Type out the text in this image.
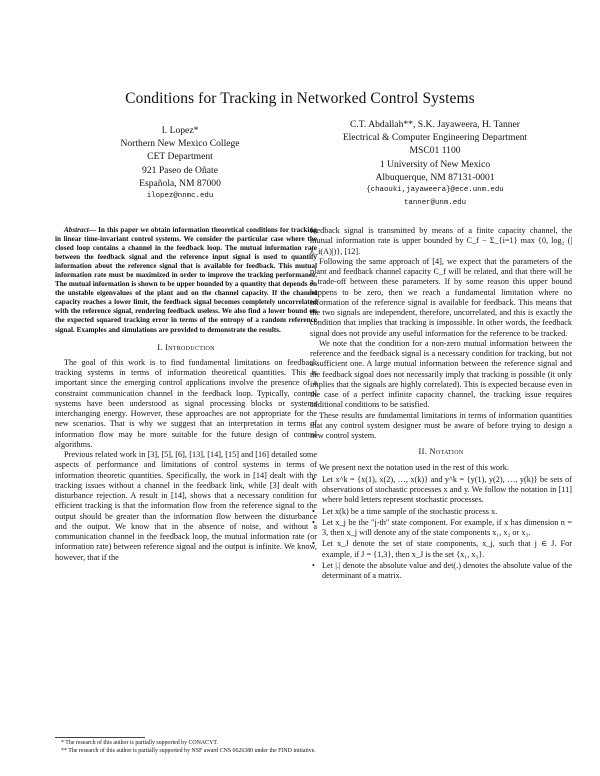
Conditions for Tracking in Networked Control Systems
I. Lopez*
Northern New Mexico College
CET Department
921 Paseo de Oñate
Española, NM 87000
ilopez@nnmc.edu
C.T. Abdallah**, S.K. Jayaweera, H. Tanner
Electrical & Computer Engineering Department
MSC01 1100
1 University of New Mexico
Albuquerque, NM 87131-0001
{chaouki,jayaweera}@ece.unm.edu
tanner@unm.edu

Abstract— In this paper we obtain information theoretical conditions for tracking in linear time-invariant control systems. We consider the particular case where the closed loop contains a channel in the feedback loop. The mutual information rate between the feedback signal and the reference input signal is used to quantify information about the reference signal that is available for feedback. This mutual information rate must be maximized in order to improve the tracking performance. The mutual information is shown to be upper bounded by a quantity that depends on the unstable eigenvalues of the plant and on the channel capacity. If the channel capacity reaches a lower limit, the feedback signal becomes completely uncorrelated with the reference signal, rendering feedback useless. We also find a lower bound on the expected squared tracking error in terms of the entropy of a random reference signal. Examples and simulations are provided to demonstrate the results.

I. Introduction

The goal of this work is to find fundamental limitations on feedback tracking systems in terms of information theoretical quantities. This is important since the emerging control applications involve the presence of a constraint communication channel in the feedback loop. Typically, control systems have been understood as signal processing blocks or systems interchanging energy. However, these approaches are not appropriate for the new scenarios. That is why we suggest that an interpretation in terms of information flow may be more suitable for the future design of control algorithms.

Previous related work in [3], [5], [6], [13], [14], [15] and [16] detailed some aspects of performance and limitations of control systems in terms of information theoretic quantities. Specifically, the work in [14] dealt with the tracking issues without a channel in the feedback link, while [3] dealt with disturbance rejection. A result in [14], shows that a necessary condition for efficient tracking is that the information flow from the reference signal to the output should be greater than the information flow between the disturbance and the output. We know that in the absence of noise, and without a communication channel in the feedback loop, the mutual information rate (or information rate) between reference signal and the output is infinite. We know, however, that if the

feedback signal is transmitted by means of a finite capacity channel, the mutual information rate is upper bounded by C_f − Σ_{i=1} max {0, log₂ (|λ_i(A)|)}, [12].

Following the same approach of [4], we expect that the parameters of the plant and feedback channel capacity C_f will be related, and that there will be a trade-off between these parameters. If by some reason this upper bound happens to be zero, then we reach a fundamental limitation where no information of the reference signal is available for feedback. This means that the two signals are independent, therefore, uncorrelated, and this is exactly the condition that implies that tracking is impossible. In other words, the feedback signal does not provide any useful information for the reference to be tracked.

We note that the condition for a non-zero mutual information between the reference and the feedback signal is a necessary condition for tracking, but not a sufficient one. A large mutual information between the reference signal and the feedback signal does not necessarily imply that tracking is possible (it only implies that the signals are highly correlated). This is expected because even in the case of a perfect infinite capacity channel, the tracking issue requires additional conditions to be satisfied.

These results are fundamental limitations in terms of information quantities that any control system designer must be aware of before trying to design a new control system.

II. Notation

We present next the notation used in the rest of this work.

• Let x^k = {x(1), x(2), …, x(k)} and y^k = {y(1), y(2), …, y(k)} be sets of observations of stochastic processes x and y. We follow the notation in [11] where bold letters represent stochastic processes.
• Let x(k) be a time sample of the stochastic process x.
• Let x_j be the "j-th" state component. For example, if x has dimension n = 3, then x_j will denote any of the state components x₁, x₂ or x₃.
• Let x_J denote the set of state components, x_j, such that j ∈ J. For example, if J = {1,3}, then x_J is the set {x₁, x₃}.
• Let |.| denote the absolute value and det(.) denotes the absolute value of the determinant of a matrix.

* The research of this author is partially supported by CONACYT.

** The research of this author is partially supported by NSF award CNS 0626380 under the FIND initiative.
